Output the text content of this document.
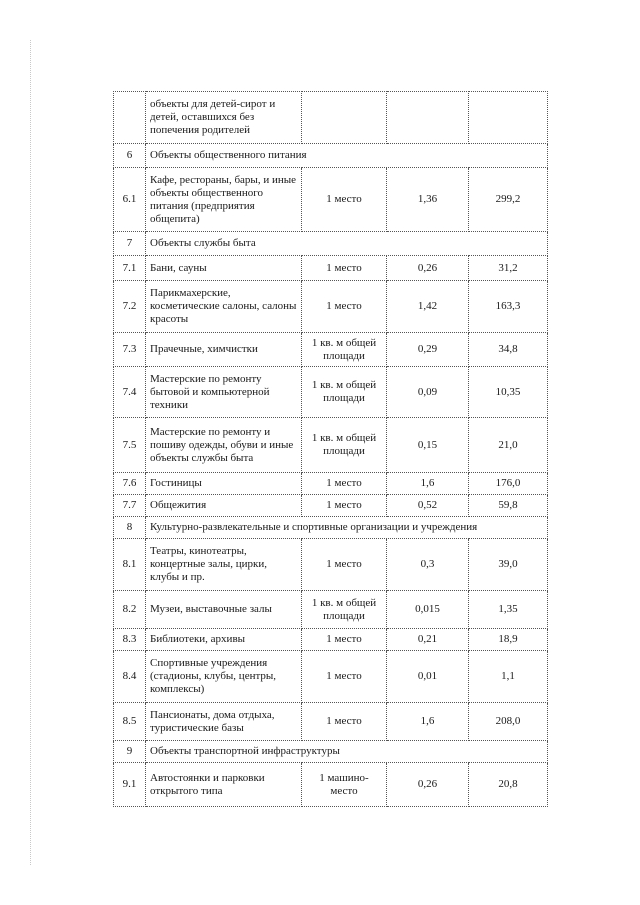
	объекты для детей-сирот и детей, оставшихся без попечения родителей			
6	Объекты общественного питания			
6.1	Кафе, рестораны, бары, и иные объекты общественного питания (предприятия общепита)	1 место	1,36	299,2
7	Объекты службы быта			
7.1	Бани, сауны	1 место	0,26	31,2
7.2	Парикмахерские, косметические салоны, салоны красоты	1 место	1,42	163,3
7.3	Прачечные, химчистки	1 кв. м общей площади	0,29	34,8
7.4	Мастерские по ремонту бытовой и компьютерной техники	1 кв. м общей площади	0,09	10,35
7.5	Мастерские по ремонту и пошиву одежды, обуви и иные объекты службы быта	1 кв. м общей площади	0,15	21,0
7.6	Гостиницы	1 место	1,6	176,0
7.7	Общежития	1 место	0,52	59,8
8	Культурно-развлекательные и спортивные организации и учреждения			
8.1	Театры, кинотеатры, концертные залы, цирки, клубы и пр.	1 место	0,3	39,0
8.2	Музеи, выставочные залы	1 кв. м общей площади	0,015	1,35
8.3	Библиотеки, архивы	1 место	0,21	18,9
8.4	Спортивные учреждения (стадионы, клубы, центры, комплексы)	1 место	0,01	1,1
8.5	Пансионаты, дома отдыха, туристические базы	1 место	1,6	208,0
9	Объекты транспортной инфраструктуры			
9.1	Автостоянки и парковки открытого типа	1 машино-место	0,26	20,8
